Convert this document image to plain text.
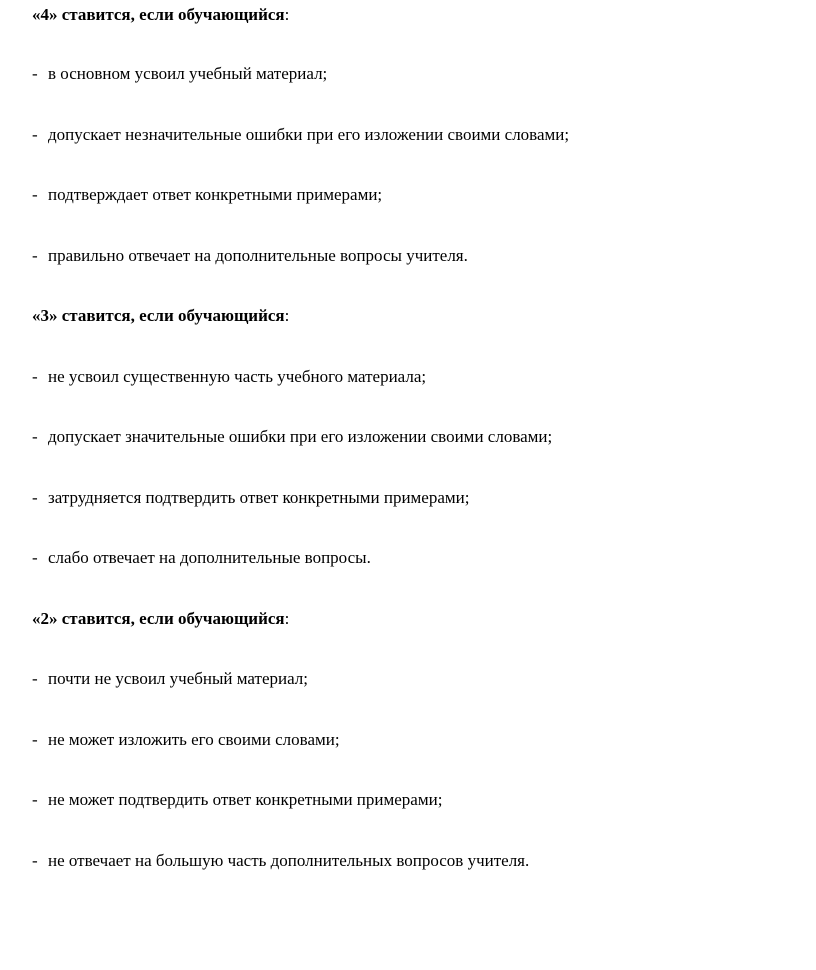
«4» ставится, если обучающийся:
- в основном усвоил учебный материал;
- допускает незначительные ошибки при его изложении своими словами;
- подтверждает ответ конкретными примерами;
- правильно отвечает на дополнительные вопросы учителя.
«3» ставится, если обучающийся:
- не усвоил существенную часть учебного материала;
- допускает значительные ошибки при его изложении своими словами;
- затрудняется подтвердить ответ конкретными примерами;
- слабо отвечает на дополнительные вопросы.
«2» ставится, если обучающийся:
- почти не усвоил учебный материал;
- не может изложить его своими словами;
- не может подтвердить ответ конкретными примерами;
- не отвечает на большую часть дополнительных вопросов учителя.
